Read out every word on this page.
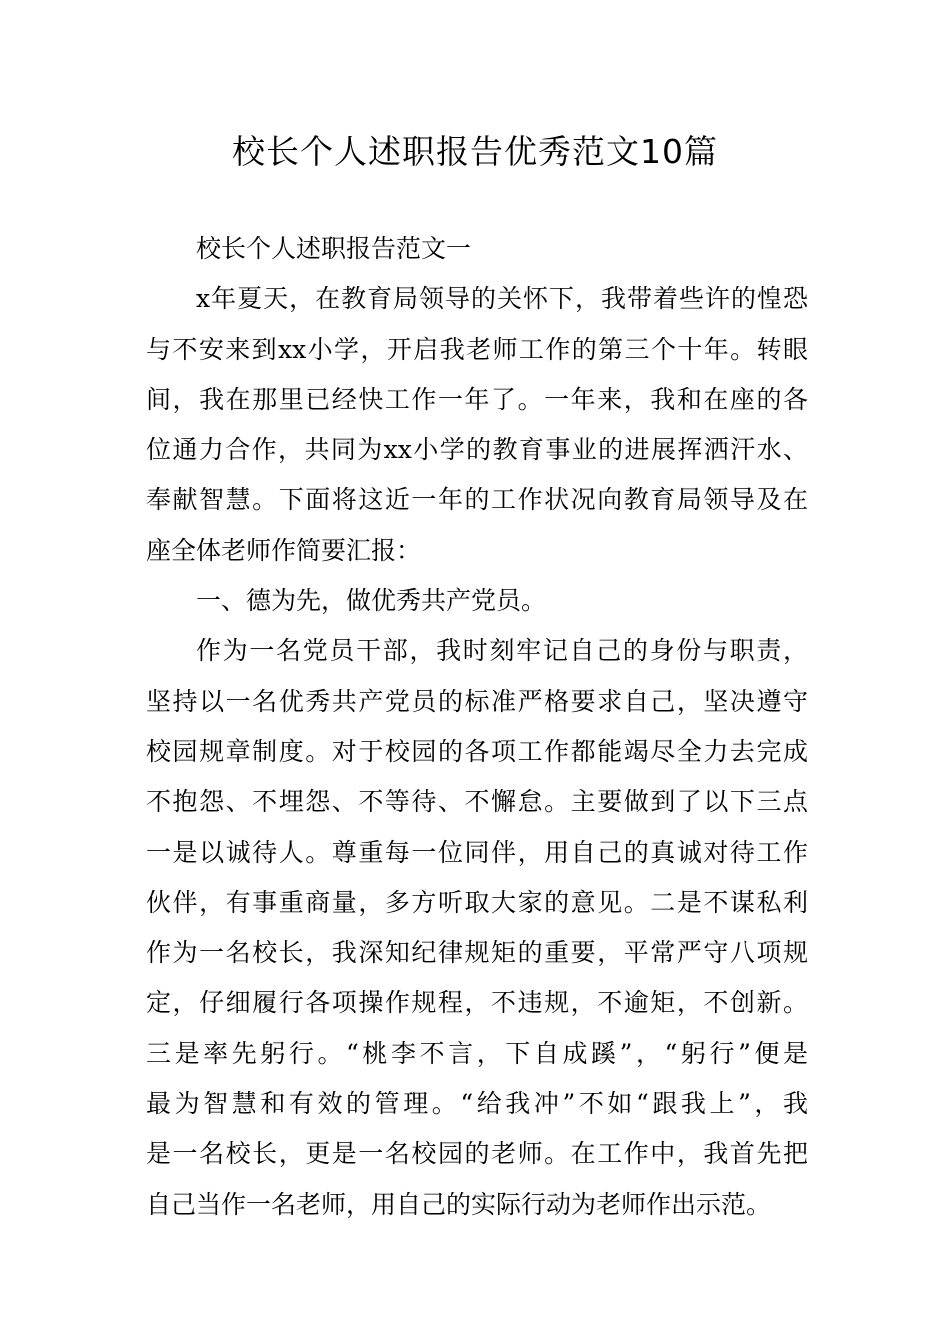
校长个人述职报告优秀范文10篇
校长个人述职报告范文一
x年夏天，在教育局领导的关怀下，我带着些许的惶恐
与不安来到xx小学，开启我老师工作的第三个十年。转眼
间，我在那里已经快工作一年了。一年来，我和在座的各
位通力合作，共同为xx小学的教育事业的进展挥洒汗水、
奉献智慧。下面将这近一年的工作状况向教育局领导及在
座全体老师作简要汇报：
一、德为先，做优秀共产党员。
作为一名党员干部，我时刻牢记自己的身份与职责，
坚持以一名优秀共产党员的标准严格要求自己，坚决遵守
校园规章制度。对于校园的各项工作都能竭尽全力去完成
不抱怨、不埋怨、不等待、不懈怠。主要做到了以下三点
一是以诚待人。尊重每一位同伴，用自己的真诚对待工作
伙伴，有事重商量，多方听取大家的意见。二是不谋私利
作为一名校长，我深知纪律规矩的重要，平常严守八项规
定，仔细履行各项操作规程，不违规，不逾矩，不创新。
三是率先躬行。“桃李不言，下自成蹊”，“躬行”便是
最为智慧和有效的管理。“给我冲”不如“跟我上”，我
是一名校长，更是一名校园的老师。在工作中，我首先把
自己当作一名老师，用自己的实际行动为老师作出示范。
